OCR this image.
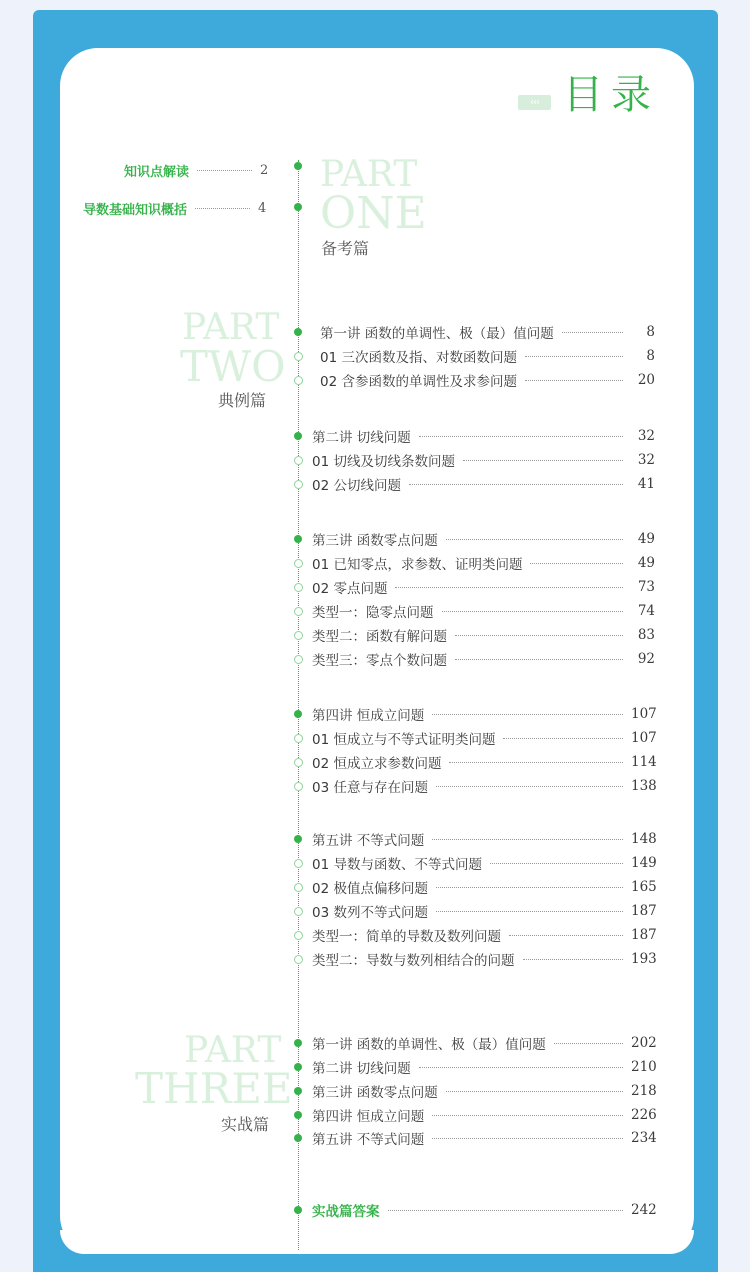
‹‹‹ 目录
知识点解读	2
导数基础知识概括	4
PART
ONE
备考篇
PART
TWO
典例篇
第一讲 函数的单调性、极（最）值问题	8
01 三次函数及指、对数函数问题	8
02 含参函数的单调性及求参问题	20
第二讲 切线问题	32
01 切线及切线条数问题	32
02 公切线问题	41
第三讲 函数零点问题	49
01 已知零点，求参数、证明类问题	49
02 零点问题	73
类型一：隐零点问题	74
类型二：函数有解问题	83
类型三：零点个数问题	92
第四讲 恒成立问题	107
01 恒成立与不等式证明类问题	107
02 恒成立求参数问题	114
03 任意与存在问题	138
第五讲 不等式问题	148
01 导数与函数、不等式问题	149
02 极值点偏移问题	165
03 数列不等式问题	187
类型一：简单的导数及数列问题	187
类型二：导数与数列相结合的问题	193
PART
THREE
实战篇
第一讲 函数的单调性、极（最）值问题	202
第二讲 切线问题	210
第三讲 函数零点问题	218
第四讲 恒成立问题	226
第五讲 不等式问题	234
实战篇答案	242
